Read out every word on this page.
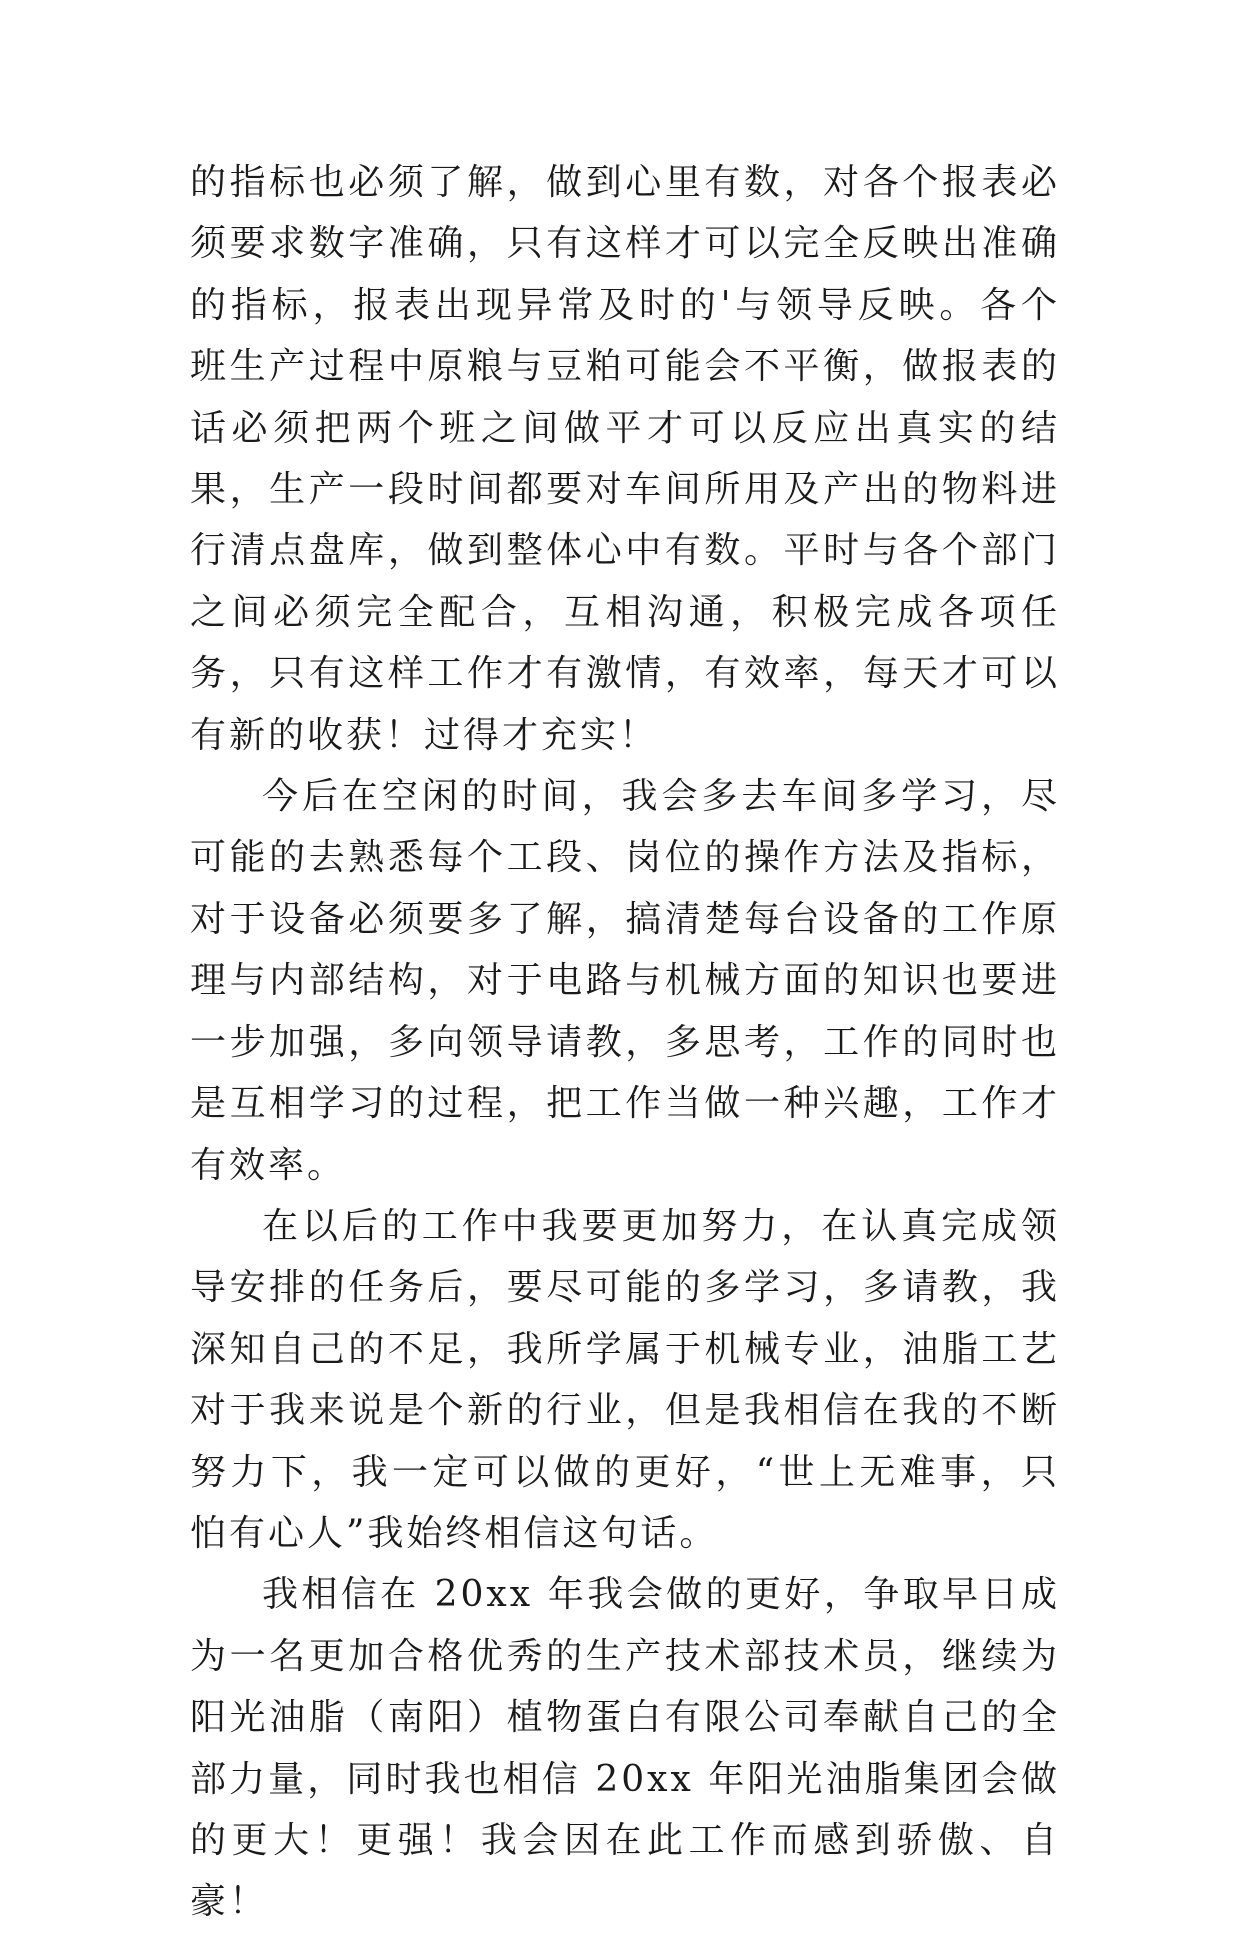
的指标也必须了解，做到心里有数，对各个报表必须要求数字准确，只有这样才可以完全反映出准确的指标，报表出现异常及时的'与领导反映。各个班生产过程中原粮与豆粕可能会不平衡，做报表的话必须把两个班之间做平才可以反应出真实的结果，生产一段时间都要对车间所用及产出的物料进行清点盘库，做到整体心中有数。平时与各个部门之间必须完全配合，互相沟通，积极完成各项任务，只有这样工作才有激情，有效率，每天才可以有新的收获！过得才充实！

今后在空闲的时间，我会多去车间多学习，尽可能的去熟悉每个工段、岗位的操作方法及指标，对于设备必须要多了解，搞清楚每台设备的工作原理与内部结构，对于电路与机械方面的知识也要进一步加强，多向领导请教，多思考，工作的同时也是互相学习的过程，把工作当做一种兴趣，工作才有效率。

在以后的工作中我要更加努力，在认真完成领导安排的任务后，要尽可能的多学习，多请教，我深知自己的不足，我所学属于机械专业，油脂工艺对于我来说是个新的行业，但是我相信在我的不断努力下，我一定可以做的更好，“世上无难事，只怕有心人”我始终相信这句话。

我相信在 20xx 年我会做的更好，争取早日成为一名更加合格优秀的生产技术部技术员，继续为阳光油脂（南阳）植物蛋白有限公司奉献自己的全部力量，同时我也相信 20xx 年阳光油脂集团会做的更大！更强！我会因在此工作而感到骄傲、自豪！
